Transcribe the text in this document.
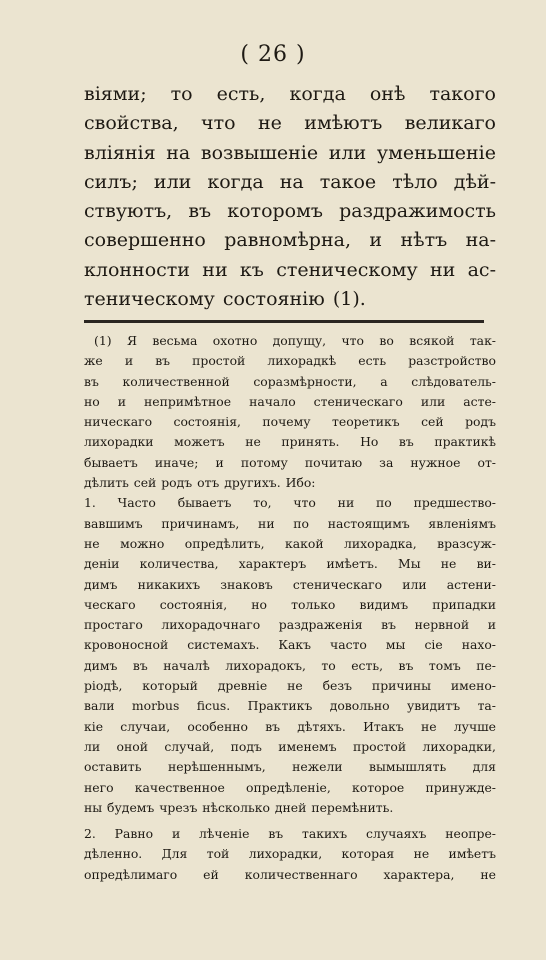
( 26 )
віями; то есть, когда онѣ такого
свойства, что не имѣютъ великаго
вліянія на возвышеніе или уменьшеніе
силъ; или когда на такое тѣло дѣй-
ствуютъ, въ которомъ раздражимость
совершенно равномѣрна, и нѣтъ на-
клонности ни къ стеническому ни ас-
теническому состоянію (1).
(1) Я весьма охотно допущу, что во всякой так-
же и въ простой лихорадкѣ есть разстройство
въ количественной соразмѣрности, а слѣдователь-
но и непримѣтное начало стеническаго или асте-
ническаго состоянія, почему теоретикъ сей родъ
лихорадки можетъ не принять. Но въ практикѣ
бываетъ иначе; и потому почитаю за нужное от-
дѣлить сей родъ отъ другихъ. Ибо:
1. Часто бываетъ то, что ни по предшество-
вавшимъ причинамъ, ни по настоящимъ явленіямъ
не можно опредѣлить, какой лихорадка, вразсуж-
деніи количества, характеръ имѣетъ. Мы не ви-
димъ никакихъ знаковъ стеническаго или астени-
ческаго состоянія, но только видимъ припадки
простаго лихорадочнаго раздраженія въ нервной и
кровоносной системахъ. Какъ часто мы сіе нахо-
димъ въ началѣ лихорадокъ, то есть, въ томъ пе-
ріодѣ, который древніе не безъ причины имено-
вали morbus ficus. Практикъ довольно увидитъ та-
кіе случаи, особенно въ дѣтяхъ. Итакъ не лучше
ли оной случай, подъ именемъ простой лихорадки,
оставить нерѣшеннымъ, нежели вымышлять для
него качественное опредѣленіе, которое принужде-
ны будемъ чрезъ нѣсколько дней перемѣнить.
2. Равно и лѣченіе въ такихъ случаяхъ неопре-
дѣленно. Для той лихорадки, которая не имѣетъ
опредѣлимаго ей количественнаго характера, не
